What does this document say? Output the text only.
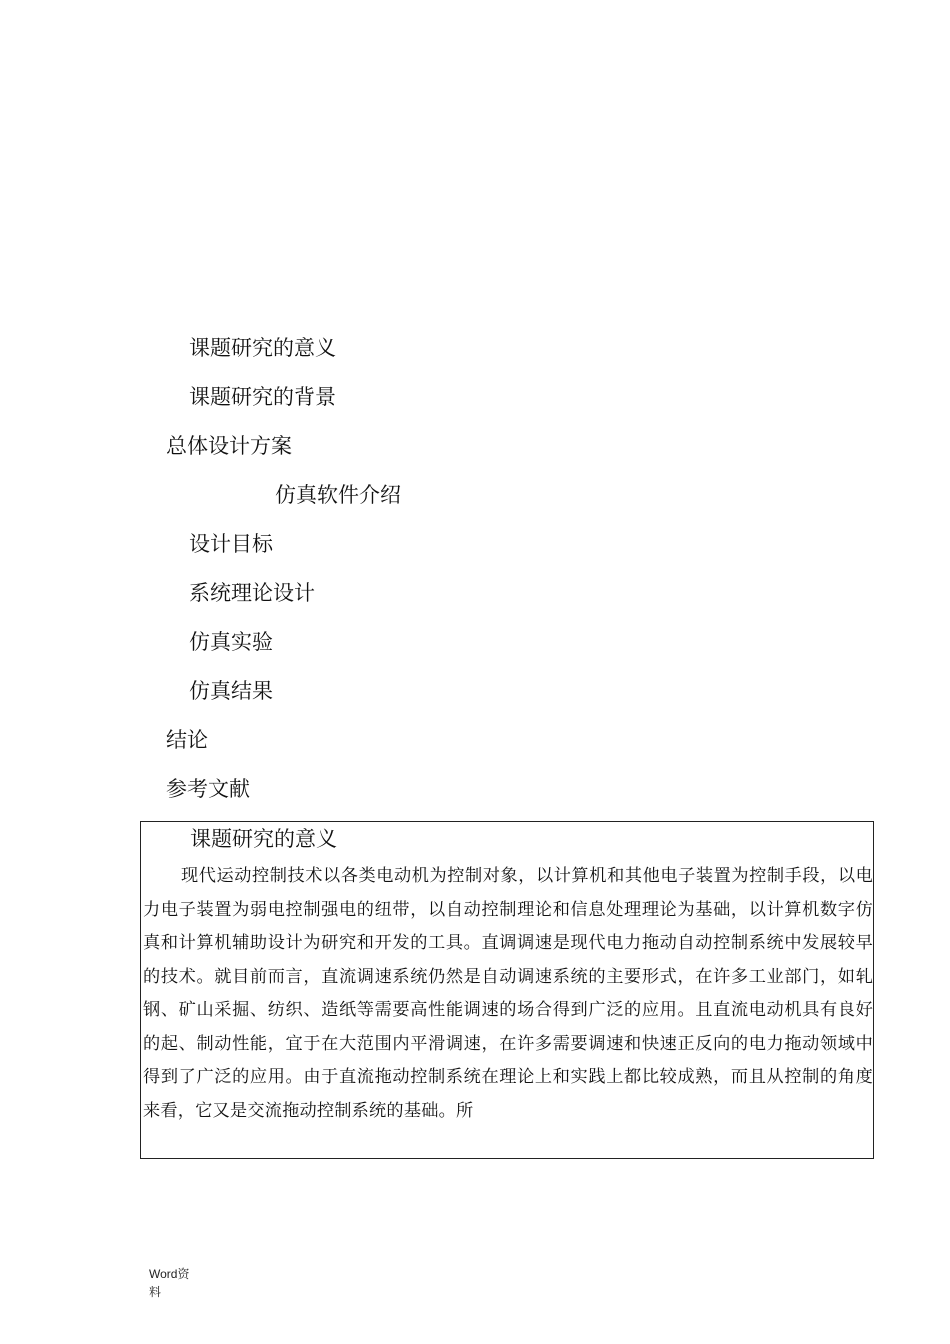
课题研究的意义
课题研究的背景
总体设计方案
仿真软件介绍
设计目标
系统理论设计
仿真实验
仿真结果
结论
参考文献
课题研究的意义
现代运动控制技术以各类电动机为控制对象，以计算机和其他电子装置为控制手段，以电力电子装置为弱电控制强电的纽带，以自动控制理论和信息处理理论为基础，以计算机数字仿真和计算机辅助设计为研究和开发的工具。直调调速是现代电力拖动自动控制系统中发展较早的技术。就目前而言，直流调速系统仍然是自动调速系统的主要形式，在许多工业部门，如轧钢、矿山采掘、纺织、造纸等需要高性能调速的场合得到广泛的应用。且直流电动机具有良好的起、制动性能，宜于在大范围内平滑调速，在许多需要调速和快速正反向的电力拖动领域中得到了广泛的应用。由于直流拖动控制系统在理论上和实践上都比较成熟，而且从控制的角度来看，它又是交流拖动控制系统的基础。所
Word资料
